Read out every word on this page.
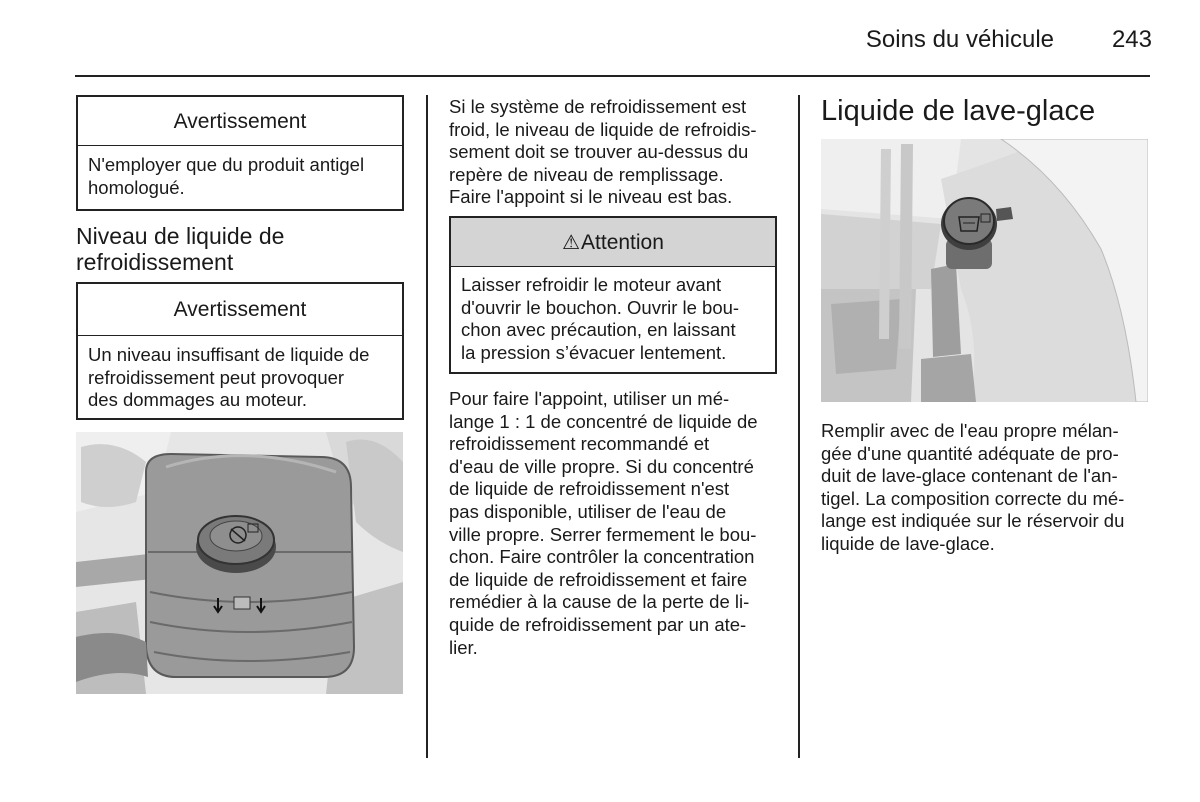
Soins du véhicule 243
Avertissement
N'employer que du produit antigel
homologué.
Niveau de liquide de
refroidissement
Avertissement
Un niveau insuffisant de liquide de
refroidissement peut provoquer
des dommages au moteur.
Si le système de refroidissement est
froid, le niveau de liquide de refroidis-
sement doit se trouver au-dessus du
repère de niveau de remplissage.
Faire l'appoint si le niveau est bas.
⚠Attention
Laisser refroidir le moteur avant
d'ouvrir le bouchon. Ouvrir le bou-
chon avec précaution, en laissant
la pression s’évacuer lentement.
Pour faire l'appoint, utiliser un mé-
lange 1 : 1 de concentré de liquide de
refroidissement recommandé et
d'eau de ville propre. Si du concentré
de liquide de refroidissement n'est
pas disponible, utiliser de l'eau de
ville propre. Serrer fermement le bou-
chon. Faire contrôler la concentration
de liquide de refroidissement et faire
remédier à la cause de la perte de li-
quide de refroidissement par un ate-
lier.
Liquide de lave-glace
Remplir avec de l'eau propre mélan-
gée d'une quantité adéquate de pro-
duit de lave-glace contenant de l'an-
tigel. La composition correcte du mé-
lange est indiquée sur le réservoir du
liquide de lave-glace.
